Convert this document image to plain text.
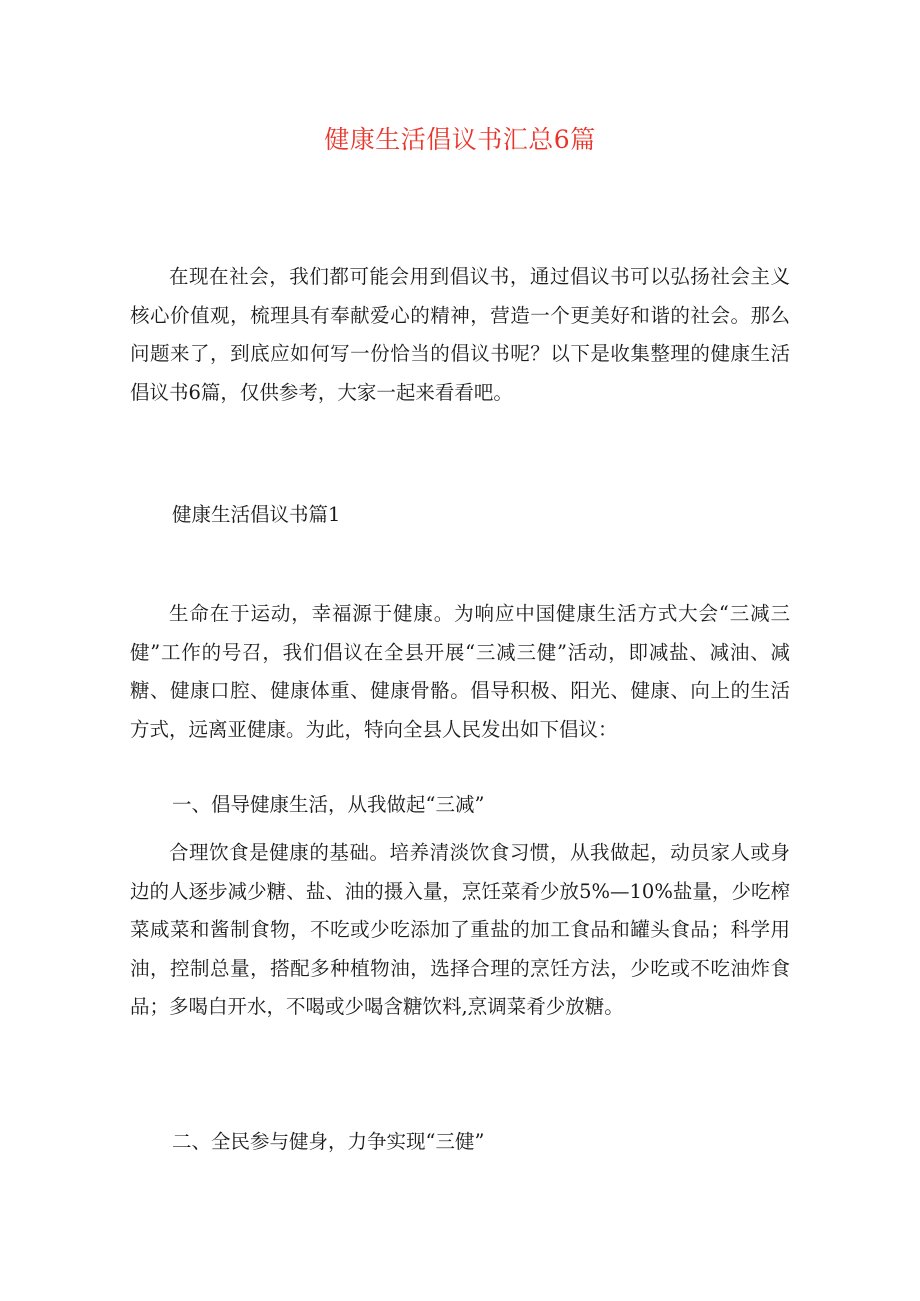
健康生活倡议书汇总6篇
在现在社会，我们都可能会用到倡议书，通过倡议书可以弘扬社会主义核心价值观，梳理具有奉献爱心的精神，营造一个更美好和谐的社会。那么问题来了，到底应如何写一份恰当的倡议书呢？以下是收集整理的健康生活倡议书6篇，仅供参考，大家一起来看看吧。
健康生活倡议书篇1
生命在于运动，幸福源于健康。为响应中国健康生活方式大会“三减三健”工作的号召，我们倡议在全县开展“三减三健”活动，即减盐、减油、减糖、健康口腔、健康体重、健康骨骼。倡导积极、阳光、健康、向上的生活方式，远离亚健康。为此，特向全县人民发出如下倡议：
一、倡导健康生活，从我做起“三减”
合理饮食是健康的基础。培养清淡饮食习惯，从我做起，动员家人或身边的人逐步减少糖、盐、油的摄入量，烹饪菜肴少放5%—10%盐量，少吃榨菜咸菜和酱制食物，不吃或少吃添加了重盐的加工食品和罐头食品；科学用油，控制总量，搭配多种植物油，选择合理的烹饪方法，少吃或不吃油炸食品；多喝白开水，不喝或少喝含糖饮料,烹调菜肴少放糖。
二、全民参与健身，力争实现“三健”
